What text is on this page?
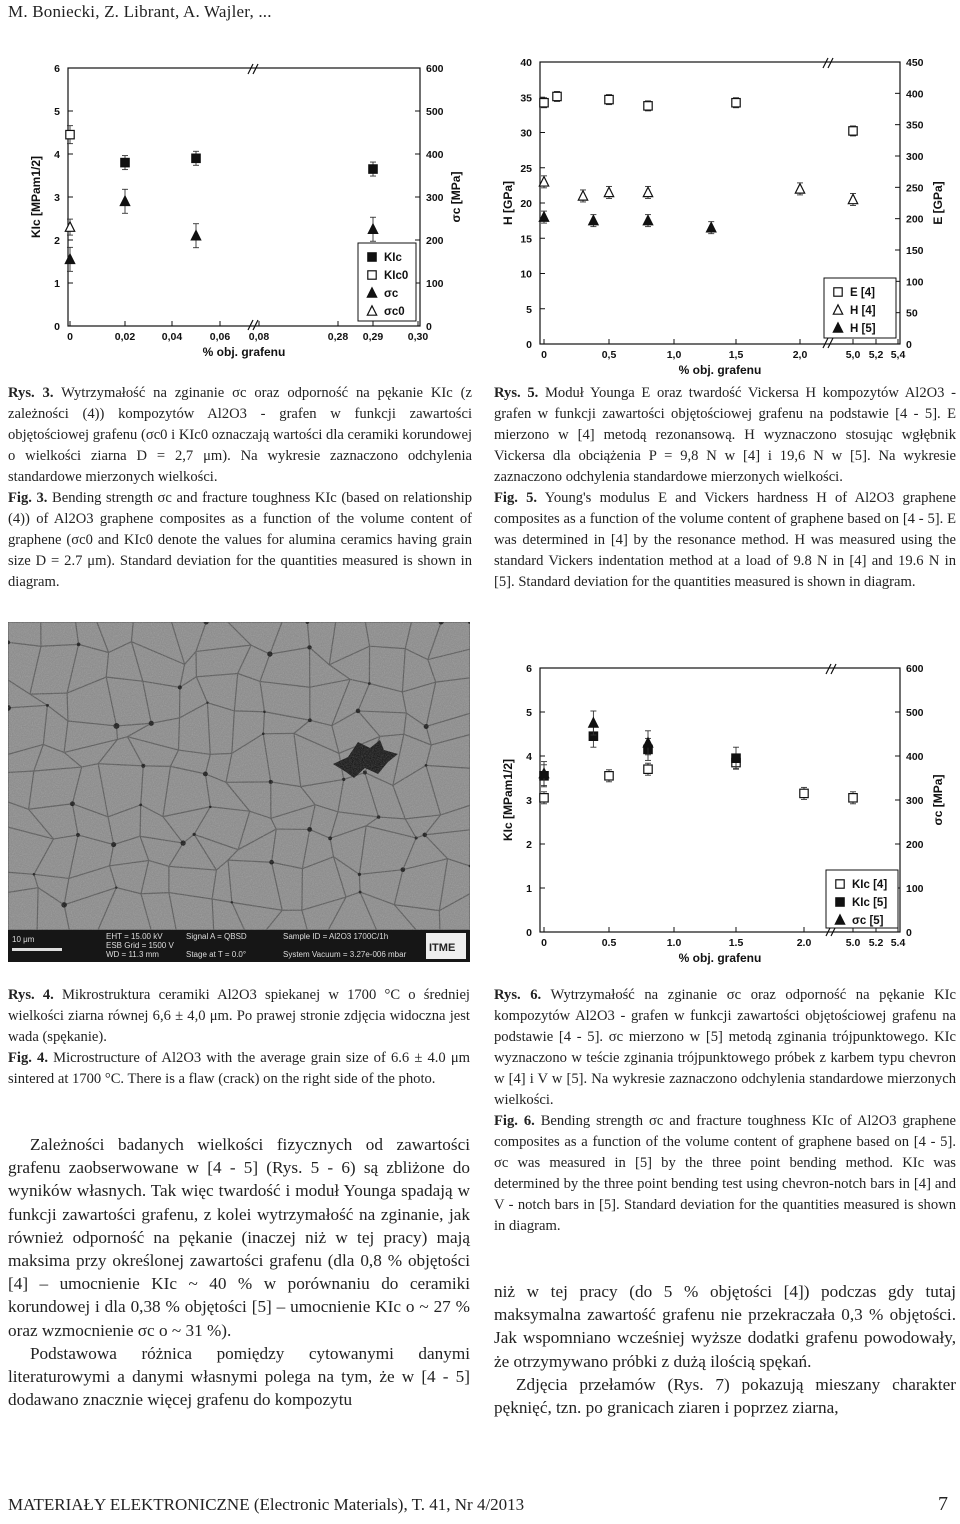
M. Boniecki, Z. Librant, A. Wajler, ...
0	0,02	0,04	0,06 0,08	0,28 0,29 0,30
% obj. grafenu
0
1
2
3
4
5
6
0
100
200
300
400
500
600
KIc [MPam1/2]	σc [MPa]
KIc
KIc0
σc
σc0
0	0,5	1,0	1,5	2,0	5,0 5,2 5,4
% obj. grafenu
0
5
10
15
20
25
30
35
40
0
50
100
150
200
250
300
350
400
450
H [GPa]	E [GPa]
E [4]
H [4]
H [5]
Rys. 3. Wytrzymałość na zginanie σc oraz odporność na pękanie KIc (z zależności (4)) kompozytów Al2O3 - grafen w funkcji zawartości objętościowej grafenu (σc0 i KIc0 oznaczają wartości dla ceramiki korundowej o wielkości ziarna D = 2,7 μm). Na wykresie zaznaczono odchylenia standardowe mierzonych wielkości.
Fig. 3. Bending strength σc and fracture toughness KIc (based on relationship (4)) of Al2O3 graphene composites as a function of the volume content of graphene (σc0 and KIc0 denote the values for alumina ceramics having grain size D = 2.7 μm). Standard deviation for the quantities measured is shown in diagram.
Rys. 5. Moduł Younga E oraz twardość Vickersa H kompozytów Al2O3 - grafen w funkcji zawartości objętościowej grafenu na podstawie [4 - 5]. E mierzono w [4] metodą rezonansową. H wyznaczono stosując wgłębnik Vickersa dla obciążenia P = 9,8 N w [4] i 19,6 N w [5]. Na wykresie zaznaczono odchylenia standardowe mierzonych wielkości.
Fig. 5. Young's modulus E and Vickers hardness H of Al2O3 graphene composites as a function of the volume content of graphene based on [4 - 5]. E was determined in [4] by the resonance method. H was measured using the standard Vickers indentation method at a load of 9.8 N in [4] and 19.6 N in [5]. Standard deviation for the quantities measured is shown in diagram.
10 μm	EHT = 15.00 kV
ESB Grid = 1500 V
WD = 11.3 mm
Signal A = QBSD
Stage at T = 0.0°
Sample ID = Al2O3 1700C/1h
System Vacuum = 3.27e-006 mbar
ITME	0	0.5	1.0	1.5	2.0	5.0 5.2 5.4
% obj. grafenu
0
1
2
3
4
5
6
0
100
200
300
400
500
600
KIc [MPam1/2]	σc [MPa]
KIc [4]
KIc [5]
σc [5]
Rys. 4. Mikrostruktura ceramiki Al2O3 spiekanej w 1700 °C o średniej wielkości ziarna równej 6,6 ± 4,0 μm. Po prawej stronie zdjęcia widoczna jest wada (spękanie).
Fig. 4. Microstructure of Al2O3 with the average grain size of 6.6 ± 4.0 μm sintered at 1700 °C. There is a flaw (crack) on the right side of the photo.
Rys. 6. Wytrzymałość na zginanie σc oraz odporność na pękanie KIc kompozytów Al2O3 - grafen w funkcji zawartości objętościowej grafenu na podstawie [4 - 5]. σc mierzono w [5] metodą zginania trójpunktowego. KIc wyznaczono w teście zginania trójpunktowego próbek z karbem typu chevron w [4] i V w [5]. Na wykresie zaznaczono odchylenia standardowe mierzonych wielkości.
Fig. 6. Bending strength σc and fracture toughness KIc of Al2O3 graphene composites as a function of the volume content of graphene based on [4 - 5]. σc was measured in [5] by the three point bending method. KIc was determined by the three point bending test using chevron-notch bars in [4] and V - notch bars in [5]. Standard deviation for the quantities measured is shown in diagram.

Zależności badanych wielkości fizycznych od zawartości grafenu zaobserwowane w [4 - 5] (Rys. 5 - 6) są zbliżone do wyników własnych. Tak więc twardość i moduł Younga spadają w funkcji zawartości grafenu, z kolei wytrzymałość na zginanie, jak również odporność na pękanie (inaczej niż w tej pracy) mają maksima przy określonej zawartości grafenu (dla 0,8 % objętości [4] – umocnienie KIc ~ 40 % w porównaniu do ceramiki korundowej i dla 0,38 % objętości [5] – umocnienie KIc o ~ 27 % oraz wzmocnienie σc o ~ 31 %).

Podstawowa różnica pomiędzy cytowanymi danymi literaturowymi a danymi własnymi polega na tym, że w [4 - 5] dodawano znacznie więcej grafenu do kompozytu

niż w tej pracy (do 5 % objętości [4]) podczas gdy tutaj maksymalna zawartość grafenu nie przekraczała 0,3 % objętości. Jak wspomniano wcześniej wyższe dodatki grafenu powodowały, że otrzymywano próbki z dużą ilością spękań.

Zdjęcia przełamów (Rys. 7) pokazują mieszany charakter pęknięć, tzn. po granicach ziaren i poprzez ziarna,

MATERIAŁY ELEKTRONICZNE (Electronic Materials), T. 41, Nr 4/2013	7
